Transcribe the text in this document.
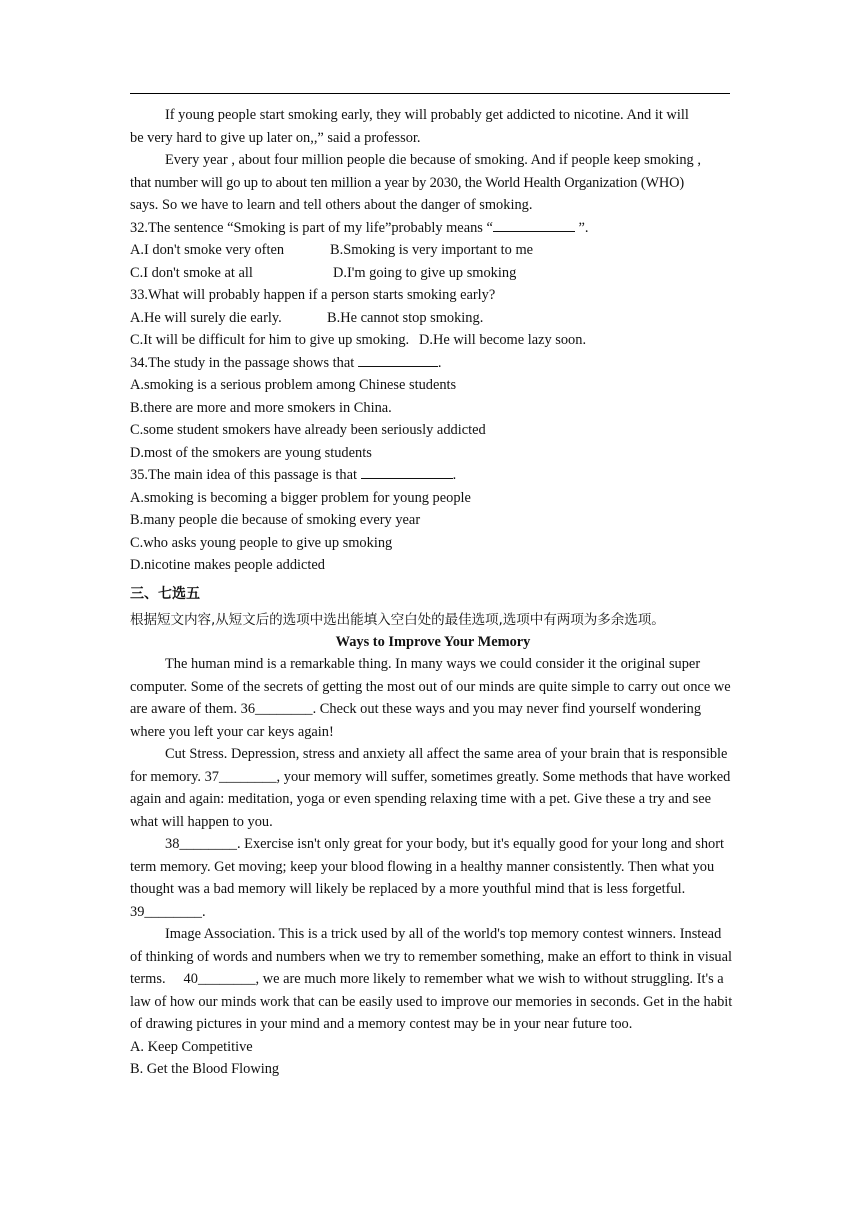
If young people start smoking early, they will probably get addicted to nicotine. And it will
be very hard to give up later on,,” said a professor.

Every year , about four million people die because of smoking. And if people keep smoking ,
that number will go up to about ten million a year by 2030, the World Health Organization (WHO)
says. So we have to learn and tell others about the danger of smoking.

32.The sentence “Smoking is part of my life”probably means “	”.

A.I don't smoke very often	B.Smoking is very important to me
C.I don't smoke at all	D.I'm going to give up smoking

33.What will probably happen if a person starts smoking early?

A.He will surely die early.	B.He cannot stop smoking.
C.It will be difficult for him to give up smoking. D.He will become lazy soon.

34.The study in the passage shows that	.

A.smoking is a serious problem among Chinese students
B.there are more and more smokers in China.
C.some student smokers have already been seriously addicted
D.most of the smokers are young students

35.The main idea of this passage is that	.

A.smoking is becoming a bigger problem for young people
B.many people die because of smoking every year
C.who asks young people to give up smoking
D.nicotine makes people addicted
三、七选五
根据短文内容,从短文后的选项中选出能填入空白处的最佳选项,选项中有两项为多余选项。
Ways to Improve Your Memory

The human mind is a remarkable thing. In many ways we could consider it the original super computer. Some of the secrets of getting the most out of our minds are quite simple to carry out once we are aware of them. 36________. Check out these ways and you may never find yourself wondering where you left your car keys again!

Cut Stress. Depression, stress and anxiety all affect the same area of your brain that is responsible for memory. 37________, your memory will suffer, sometimes greatly. Some methods that have worked again and again: meditation, yoga or even spending relaxing time with a pet. Give these a try and see what will happen to you.

38________. Exercise isn't only great for your body, but it's equally good for your long and short term memory. Get moving; keep your blood flowing in a healthy manner consistently. Then what you thought was a bad memory will likely be replaced by a more youthful mind that is less forgetful. 39________.

Image Association. This is a trick used by all of the world's top memory contest winners. Instead of thinking of words and numbers when we try to remember something, make an effort to think in visual terms.     40________, we are much more likely to remember what we wish to without struggling. It's a law of how our minds work that can be easily used to improve our memories in seconds. Get in the habit of drawing pictures in your mind and a memory contest may be in your near future too.

A. Keep Competitive
B. Get the Blood Flowing
